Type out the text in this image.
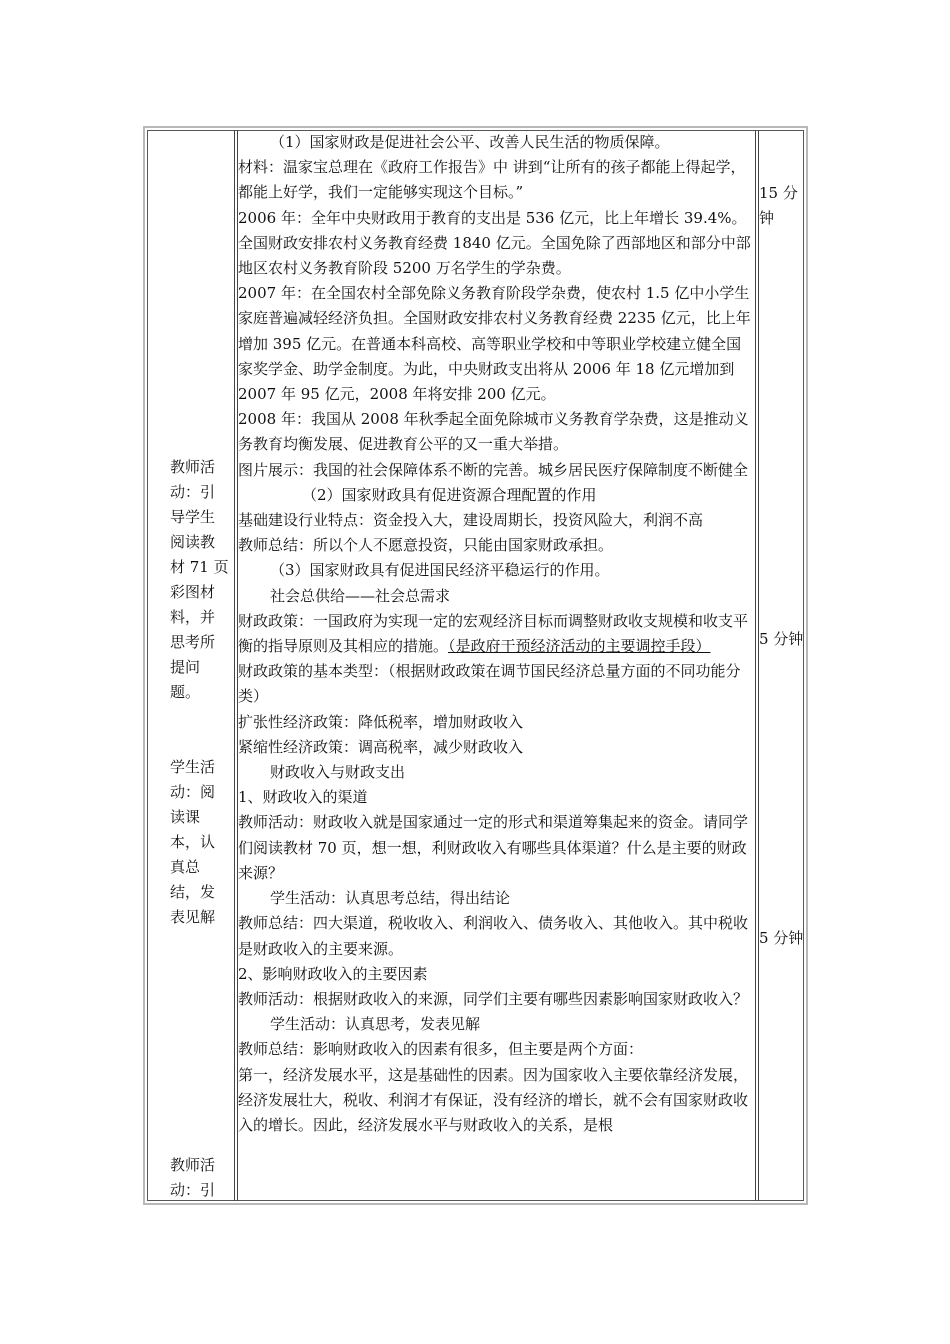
教师活
动：引
导学生
阅读教
材 71 页
彩图材
料，并
思考所
提问
题。
学生活
动：阅
读课
本，认
真总
结，发
表见解
教师活
动：引

（1）国家财政是促进社会公平、改善人民生活的物质保障。

材料：温家宝总理在《政府工作报告》中 讲到“让所有的孩子都能上得起学，都能上好学，我们一定能够实现这个目标。”

2006 年：全年中央财政用于教育的支出是 536 亿元，比上年增长 39.4%。全国财政安排农村义务教育经费 1840 亿元。全国免除了西部地区和部分中部地区农村义务教育阶段 5200 万名学生的学杂费。

2007 年：在全国农村全部免除义务教育阶段学杂费，使农村 1.5 亿中小学生家庭普遍减轻经济负担。全国财政安排农村义务教育经费 2235 亿元，比上年增加 395 亿元。在普通本科高校、高等职业学校和中等职业学校建立健全国家奖学金、助学金制度。为此，中央财政支出将从 2006 年 18 亿元增加到 2007 年 95 亿元，2008 年将安排 200 亿元。

2008 年：我国从 2008 年秋季起全面免除城市义务教育学杂费，这是推动义务教育均衡发展、促进教育公平的又一重大举措。

图片展示：我国的社会保障体系不断的完善。城乡居民医疗保障制度不断健全

（2）国家财政具有促进资源合理配置的作用

基础建设行业特点：资金投入大，建设周期长，投资风险大，利润不高

教师总结：所以个人不愿意投资，只能由国家财政承担。

（3）国家财政具有促进国民经济平稳运行的作用。

社会总供给——社会总需求

财政政策：一国政府为实现一定的宏观经济目标而调整财政收支规模和收支平衡的指导原则及其相应的措施。（是政府干预经济活动的主要调控手段）

财政政策的基本类型：（根据财政政策在调节国民经济总量方面的不同功能分类）

扩张性经济政策：降低税率，增加财政收入

紧缩性经济政策：调高税率，减少财政收入

财政收入与财政支出

1、财政收入的渠道

教师活动：财政收入就是国家通过一定的形式和渠道筹集起来的资金。请同学们阅读教材 70 页，想一想，利财政收入有哪些具体渠道？什么是主要的财政来源？

学生活动：认真思考总结，得出结论

教师总结：四大渠道，税收收入、利润收入、债务收入、其他收入。其中税收是财政收入的主要来源。

2、影响财政收入的主要因素

教师活动：根据财政收入的来源，同学们主要有哪些因素影响国家财政收入？

学生活动：认真思考，发表见解

教师总结：影响财政收入的因素有很多，但主要是两个方面：

第一，经济发展水平，这是基础性的因素。因为国家收入主要依靠经济发展，经济发展壮大，税收、利润才有保证，没有经济的增长，就不会有国家财政收入的增长。因此，经济发展水平与财政收入的关系，是根

15 分钟
5 分钟
5 分钟
